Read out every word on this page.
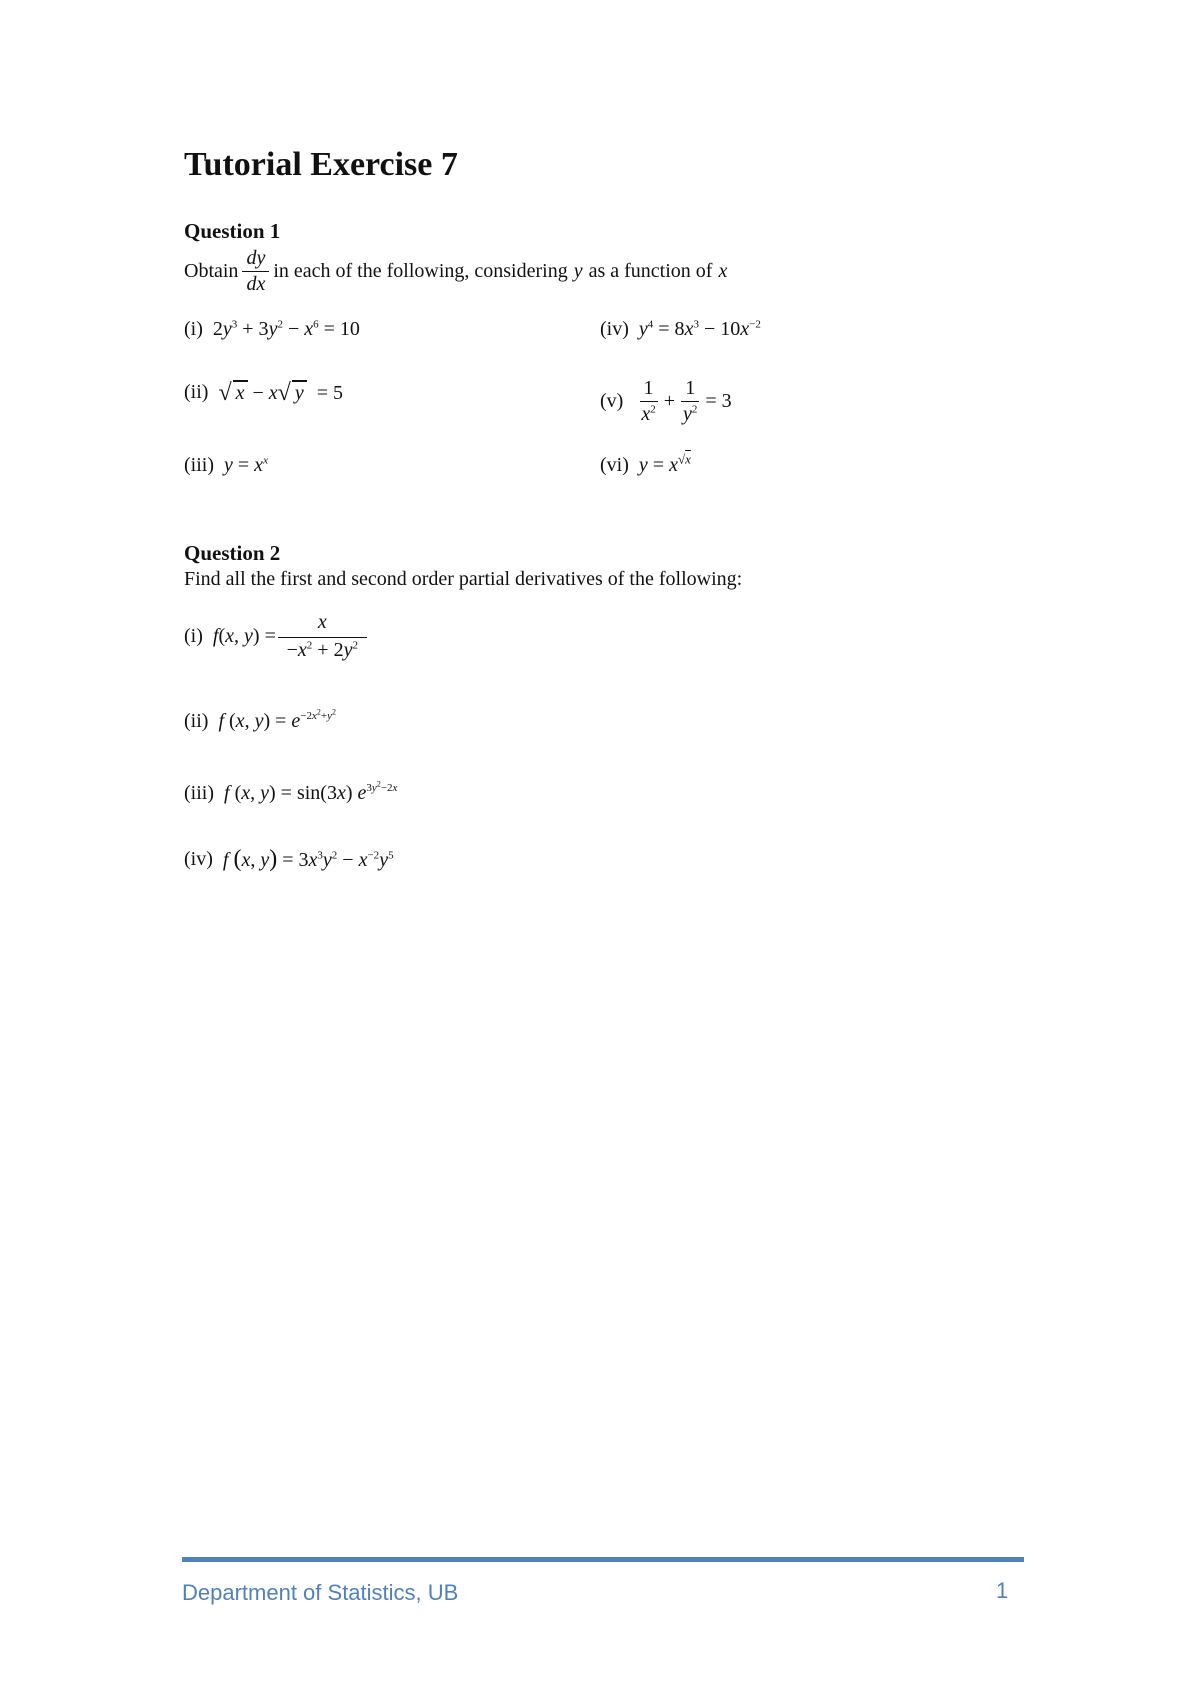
Tutorial Exercise 7
Question 1
Obtain $\frac{dy}{dx}$ in each of the following, considering y as a function of x
(i) $2y^3 + 3y^2 - x^6 = 10$	(iv) $y^4 = 8x^3 - 10x^{-2}$
(ii) √ x − x √ y = 5	$(v) \frac{1}{x^2} + \frac{1}{y^2} = 3$
(iii) $y = x^x$	(vi) $y = x^{√x}$
Question 2
Find all the first and second order partial derivatives of the following:
(i) f ( x , y ) = $\frac{x}{-x^2 + 2y^2}$
(ii) f (x, $y) = e^{-2x^2+y^2}$
(iii) f (x, y) = sin(3x) $e^{3y^2-2x}$
(iv) f (x, $y) = 3x^3y^2 - x^{-2}y^5$
Department of Statistics, UB	1
